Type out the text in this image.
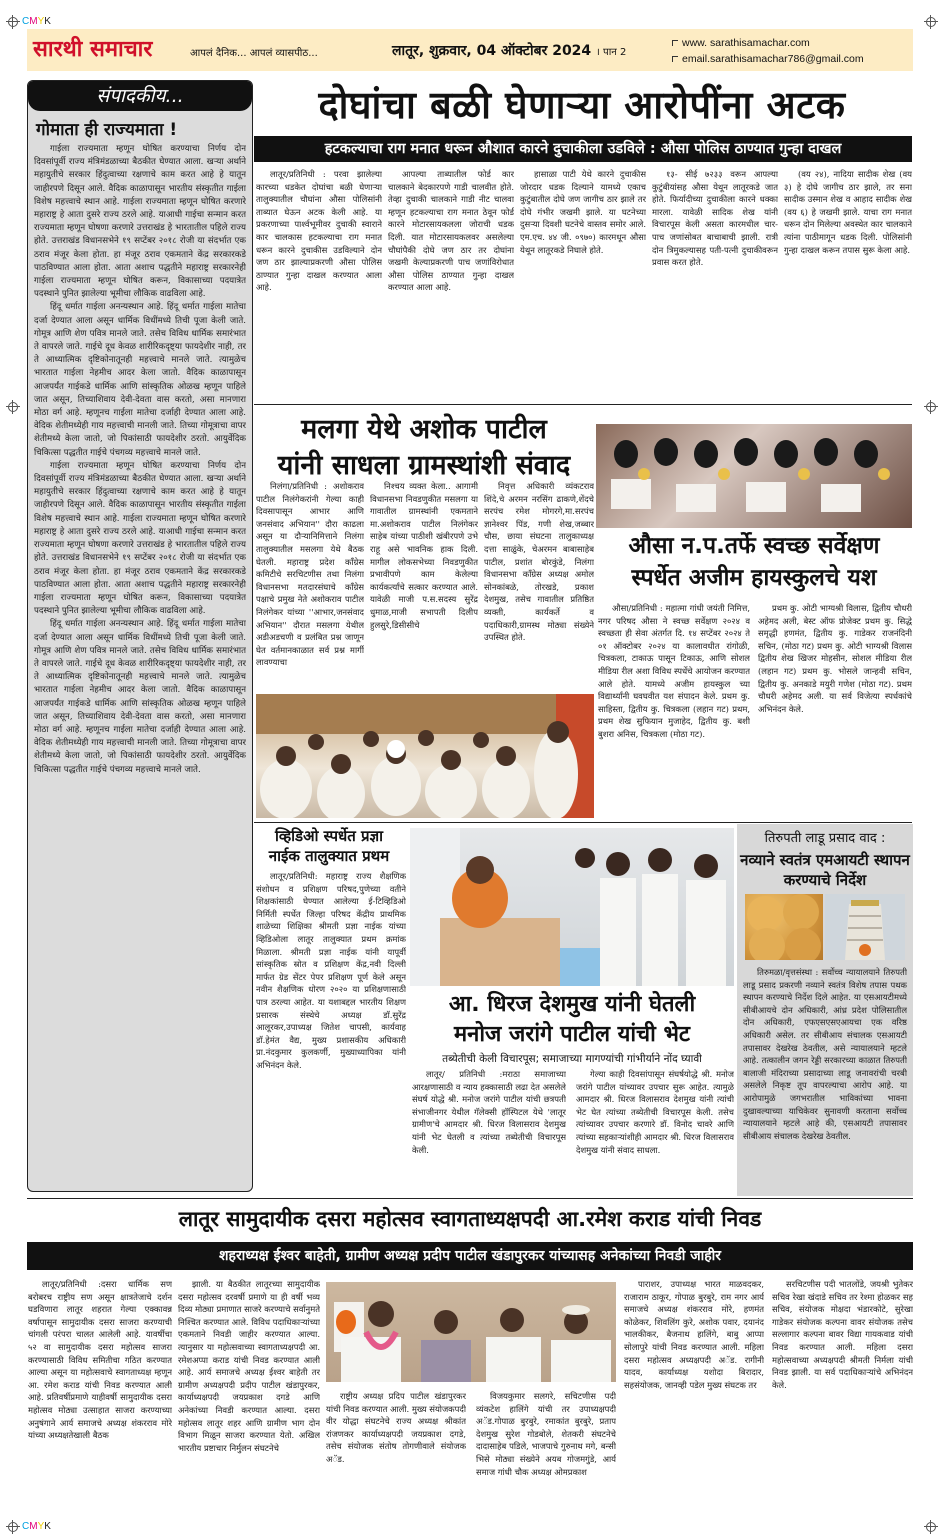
CMYK
CMYK
सारथी समाचार	आपलं दैनिक... आपलं व्यासपीठ...	लातूर, शुक्रवार, 04 ऑक्टोबर 2024 । पान 2
www. sarathisamachar.com
email.sarathisamachar786@gmail.com
संपादकीय...
गोमाता ही राज्यमाता !

गाईला राज्यमाता म्हणून घोषित करण्याचा निर्णय दोन दिवसांपूर्वी राज्य मंत्रिमंडळाच्या बैठकीत घेण्यात आला. खऱ्या अर्थाने महायुतीचे सरकार हिंदुत्वाच्या रक्षणाचे काम करत आहे हे यातून जाहीरपणे दिसून आले. वैदिक काळापासून भारतीय संस्कृतीत गाईला विशेष महत्त्वाचे स्थान आहे. गाईला राज्यमाता म्हणून घोषित करणारे महाराष्ट्र हे आता दुसरे राज्य ठरले आहे. याआधी गाईचा सन्मान करत राज्यमाता म्हणून घोषणा करणारे उत्तराखंड हे भारतातील पहिले राज्य होते. उत्तराखंड विधानसभेने १९ सप्टेंबर २०१८ रोजी या संदर्भात एक ठराव मंजूर केला होता. हा मंजूर ठराव एकमताने केंद्र सरकारकडे पाठविण्यात आला होता. आता अशाच पद्धतीने महाराष्ट्र सरकारनेही गाईला राज्यमाता म्हणून घोषित करून, विकासाच्या पदयात्रेत पदस्थाने पुनित झालेल्या भूमीचा लौकिक वाढविला आहे.

हिंदू धर्मात गाईला अनन्यस्थान आहे. हिंदू धर्मात गाईला मातेचा दर्जा देण्यात आला असून धार्मिक विधींमध्ये तिची पूजा केली जाते. गोमूत्र आणि शेण पवित्र मानले जाते. तसेच विविध धार्मिक समारंभात ते वापरले जाते. गाईचे दूध केवळ शारीरिकदृष्ट्या फायदेशीर नाही, तर ते आध्यात्मिक दृष्टिकोनातूनही महत्त्वाचे मानले जाते. त्यामुळेच भारतात गाईला नेहमीच आदर केला जातो. वैदिक काळापासून आजपर्यंत गाईकडे धार्मिक आणि सांस्कृतिक ओळख म्हणून पाहिले जात असून, तिच्याशिवाय देवी-देवता वास करतो, असा मानणारा मोठा वर्ग आहे. म्हणूनच गाईला मातेचा दर्जाही देण्यात आला आहे. वेदिक शेतीमध्येही गाय महत्त्वाची मानली जाते. तिच्या गोमूत्राचा वापर शेतीमध्ये केला जातो, जो पिकांसाठी फायदेशीर ठरतो. आयुर्वेदिक चिकित्सा पद्धतीत गाईचे पंचगव्य महत्त्वाचे मानले जाते.

गाईला राज्यमाता म्हणून घोषित करण्याचा निर्णय दोन दिवसांपूर्वी राज्य मंत्रिमंडळाच्या बैठकीत घेण्यात आला. खऱ्या अर्थाने महायुतीचे सरकार हिंदुत्वाच्या रक्षणाचे काम करत आहे हे यातून जाहीरपणे दिसून आले. वैदिक काळापासून भारतीय संस्कृतीत गाईला विशेष महत्त्वाचे स्थान आहे. गाईला राज्यमाता म्हणून घोषित करणारे महाराष्ट्र हे आता दुसरे राज्य ठरले आहे. याआधी गाईचा सन्मान करत राज्यमाता म्हणून घोषणा करणारे उत्तराखंड हे भारतातील पहिले राज्य होते. उत्तराखंड विधानसभेने १९ सप्टेंबर २०१८ रोजी या संदर्भात एक ठराव मंजूर केला होता. हा मंजूर ठराव एकमताने केंद्र सरकारकडे पाठविण्यात आला होता. आता अशाच पद्धतीने महाराष्ट्र सरकारनेही गाईला राज्यमाता म्हणून घोषित करून, विकासाच्या पदयात्रेत पदस्थाने पुनित झालेल्या भूमीचा लौकिक वाढविला आहे.

हिंदू धर्मात गाईला अनन्यस्थान आहे. हिंदू धर्मात गाईला मातेचा दर्जा देण्यात आला असून धार्मिक विधींमध्ये तिची पूजा केली जाते. गोमूत्र आणि शेण पवित्र मानले जाते. तसेच विविध धार्मिक समारंभात ते वापरले जाते. गाईचे दूध केवळ शारीरिकदृष्ट्या फायदेशीर नाही, तर ते आध्यात्मिक दृष्टिकोनातूनही महत्त्वाचे मानले जाते. त्यामुळेच भारतात गाईला नेहमीच आदर केला जातो. वैदिक काळापासून आजपर्यंत गाईकडे धार्मिक आणि सांस्कृतिक ओळख म्हणून पाहिले जात असून, तिच्याशिवाय देवी-देवता वास करतो, असा मानणारा मोठा वर्ग आहे. म्हणूनच गाईला मातेचा दर्जाही देण्यात आला आहे. वेदिक शेतीमध्येही गाय महत्त्वाची मानली जाते. तिच्या गोमूत्राचा वापर शेतीमध्ये केला जातो, जो पिकांसाठी फायदेशीर ठरतो. आयुर्वेदिक चिकित्सा पद्धतीत गाईचे पंचगव्य महत्त्वाचे मानले जाते.

दोघांचा बळी घेणाऱ्या आरोपींना अटक
हटकल्याचा राग मनात धरून औशात कारने दुचाकीला उडविले : औसा पोलिस ठाण्यात गुन्हा दाखल

लातूर/प्रतिनिधी : परवा झालेल्या कारच्या धडकेत दोघांचा बळी घेणाऱ्या तालुक्यातील चौघांना औसा पोलिसांनी ताब्यात घेऊन अटक केली आहे. या प्रकरणाच्या पार्श्वभूमीवर दुचाकी स्वाराने कार चालकास हटकल्याचा राग मनात धरून कारने दुचाकीस उडविल्याने दोन जण ठार झाल्याप्रकरणी औसा पोलिस ठाण्यात गुन्हा दाखल करण्यात आला आहे.

आपल्या ताब्यातील फोर्ड कार चालकाने बेदकारपणे गाडी चालवीत होते. तेव्हा दुचाकी चालकाने गाडी नीट चालवा म्हणून हटकल्याचा राग मनात ठेवून फोर्ड कारने मोटारसायकलला जोराची धडक दिली. यात मोटारसायकलवर असलेल्या चौघांपैकी दोघे जण ठार तर दोघांना जखमी केल्याप्रकरणी पाच जणांविरोधात औसा पोलिस ठाण्यात गुन्हा दाखल करण्यात आला आहे.

हासाळा पाटी येथे कारने दुचाकीस जोरदार धडक दिल्याने यामध्ये एकाच कुटुंबातील दोघे जण जागीच ठार झाले तर दोघे गंभीर जखमी झाले. या घटनेच्या दुसऱ्या दिवशी घटनेचे वास्तव समोर आले. एम.एच. ४४ जी. ०९७०) कारमधून औसा येथून लातूरकडे निघाले होते.

१३- सीई ७२३३ वरून आपल्या कुटुंबीयांसह औसा येथून लातूरकडे जात होते. फिर्यादीच्या दुचाकीला कारने धक्का मारला. यावेळी सादिक शेख यांनी विचारपूस केली असता कारमधील चार-पाच जणांसोबत बाचाबाची झाली. रात्री दोन त्रिमुकल्यासह पती-पत्नी दुचाकीवरून प्रवास करत होते.

(वय २४), नादिया सादीक शेख (वय ३) हे दोघे जागीच ठार झाले, तर सना सादीक उस्मान शेख व आहाद सादीक शेख (वय ६) हे जखमी झाले. याचा राग मनात धरून दोन मिलेल्या अवस्थेत कार चालकाने त्यांना पाठीमागून धडक दिली. पोलिसांनी गुन्हा दाखल करून तपास सुरू केला आहे.

मलगा येथे अशोक पाटील
यांनी साधला ग्रामस्थांशी संवाद

निलंगा/प्रतिनिधी : अशोकराव पाटील निलंगेकरांनी गेल्या काही दिवसापासून आभार आणि जनसंवाद अभियान'' दौरा काढला असून या दौऱ्यानिमित्ताने निलंगा तालुक्यातील मसलगा येथे बैठक घेतली. महाराष्ट्र प्रदेश काँग्रेस कमिटीचे सरचिटणीस तथा निलंगा विधानसभा मतदारसंघाचे काँग्रेस पक्षाचे प्रमुख नेते अशोकराव पाटील निलंगेकर यांच्या ''आभार,जनसंवाद अभियान'' दौरात मसलगा येथील अडीअडचणी व प्रलंबित प्रश्न जाणून घेत वर्तमानकाळात सर्व प्रश्न मार्गी लावण्याचा

निश्चय व्यक्त केला.. आगामी विधानसभा निवडणुकीत मसलगा या गावातील ग्रामस्थांनी एकमताने मा.अशोकराव पाटील निलंगेकर साहेब यांच्या पाठीशी खंबीरपणे उभे राहू असे भावनिक हाक दिली. मागील लोकसभेच्या निवडणुकीत प्रभावीपणे काम केलेल्या कार्यकर्त्यांचे सत्कार करण्यात आले. यावेळी माजी प.स.सदस्य सुरेंद्र धुमाळ,माजी सभापती दिलीप हुलसुरे,डिसीसीचे

निवृत्त अधिकारी व्यंकटराव शिंदे,चे अरमन नरसिंग ढाकणे,शेंदचे सरपंच रमेश मोगरगे,मा.सरपंच ज्ञानेश्वर पिंड, गणी शेख,जब्बार चौस, छाया संघटना तालुकाध्यक्ष दत्ता साळुंके, चेअरमन बाबासाहेब पाटील, प्रशांत बोरकुंडे, निलंगा विधानसभा काँग्रेस अध्यक्ष अमोल सोनकांबळे, तोरखडे, प्रकाश देशमुख, तसेच गावातील प्रतिष्ठित व्यक्ती, कार्यकर्ते व पदाधिकारी,ग्रामस्थ मोठ्या संख्येने उपस्थित होते.

औसा न.प.तर्फे स्वच्छ सर्वेक्षण
स्पर्धेत अजीम हायस्कुलचे यश

औसा/प्रतिनिधी : महात्मा गांधी जयंती निमित्त, नगर परिषद औसा ने स्वच्छ सर्वेक्षण २०२४ व स्वच्छता ही सेवा अंतर्गत दि. १४ सप्टेंबर २०२४ ते ०१ ऑक्टोबर २०२४ या कालावधीत रांगोळी, चित्रकला, टाकाऊ पासून टिकाऊ, आणि सोशल मीडिया रील अशा विविध स्पर्धेचे आयोजन करण्यात आले होते. यामध्ये अजीम हायस्कुल च्या विद्यार्थ्यांनी घवघवीत यश संपादन केले. प्रथम कु. साहिस्ता, द्वितीय कु. चित्रकला (लहान गट) प्रथम, प्रथम शेख सुफियान मुजाहेद, द्वितीय कु. बशी बुशरा अनिस, चित्रकला (मोठा गट).

प्रथम कु. ओटी भाग्यश्री विलास, द्वितीय चौधरी अहेमद अली, बेस्ट ऑफ प्रोजेक्ट प्रथम कु. सिद्धे समृद्धी हणमंत, द्वितीय कु. गाडेकर राजनंदिनी सचिन, (मोठा गट) प्रथम कु. ओटी भाग्यश्री विलास द्वितीय शेख खिजर मोहसीन, सोशल मीडिया रील (लहान गट) प्रथम कु. भोसले जान्हवी सचिन, द्वितीय कु. अनकाडे मयुरी गणेश (मोठा गट). प्रथम चौधरी अहेमद अली. या सर्व विजेत्या स्पर्धकांचे अभिनंदन केले.

व्हिडिओ स्पर्धेत प्रज्ञा
नाईक तालुक्यात प्रथम

लातूर/प्रतिनिधी: महाराष्ट्र राज्य शैक्षणिक संशोधन व प्रशिक्षण परिषद,पुणेच्या वतीने शिक्षकांसाठी घेण्यात आलेल्या ई-टिव्हिडिओ निर्मिती स्पर्धेत जिल्हा परिषद केंद्रीय प्राथमिक शाळेच्या शिक्षिका श्रीमती प्रज्ञा नाईक यांच्या व्हिडिओला लातूर तालुक्यात प्रथम क्रमांक मिळाला. श्रीमती प्रज्ञा नाईक यांनी यापूर्वी सांस्कृतिक स्रोत व प्रशिक्षण केंद्र,नवी दिल्ली मार्फत ग्रेड सेंटर पेपर प्रशिक्षण पूर्ण केले असून नवीन शैक्षणिक धोरण २०२० या प्रशिक्षणासाठी पात्र ठरल्या आहेत. या यशाबद्दल भारतीय शिक्षण प्रसारक संस्थेचे अध्यक्ष डॉ.सुरेंद्र आलूरकर,उपाध्यक्ष जितेश चापसी, कार्यवाह डॉ.हेमंत वैद्य, मुख्य प्रशासकीय अधिकारी प्रा.नंदकुमार कुलकर्णी, मुख्याध्यापिका यांनी अभिनंदन केले.

आ. धिरज देशमुख यांनी घेतली
मनोज जरांगे पाटील यांची भेट
तब्येतीची केली विचारपूस; समाजाच्या मागण्यांची गांभीर्याने नोंद घ्यावी

लातूर/ प्रतिनिधी :मराठा समाजाच्या आरक्षणासाठी व न्याय हक्कासाठी लढा देत असलेले संघर्ष योद्धे श्री. मनोज जरांगे पाटील यांची छत्रपती संभाजीनगर येथील गॅलेक्सी हॉस्पिटल येथे 'लातूर ग्रामीण'चे आमदार श्री. धिरज विलासराव देशमुख यांनी भेट घेतली व त्यांच्या तब्येतीची विचारपूस केली.

गेल्या काही दिवसांपासून संघर्षयोद्धे श्री. मनोज जरांगे पाटील यांच्यावर उपचार सुरू आहेत. त्यामुळे आमदार श्री. धिरज विलासराव देशमुख यांनी त्यांची भेट घेत त्यांच्या तब्येतीची विचारपूस केली. तसेच त्यांच्यावर उपचार करणारे डॉ. विनोद चावरे आणि त्यांच्या सहकाऱ्यांशीही आमदार श्री. धिरज विलासराव देशमुख यांनी संवाद साधला.

तिरुपती लाडू प्रसाद वाद :
नव्याने स्वतंत्र एमआयटी स्थापन करण्याचे निर्देश

तिरुमळा/वृत्तसंस्था : सर्वोच्च न्यायालयाने तिरुपती लाडू प्रसाद प्रकरणी नव्याने स्वतंत्र विशेष तपास पथक स्थापन करण्याचे निर्देश दिले आहेत. या एसआयटीमध्ये सीबीआयचे दोन अधिकारी, आंध्र प्रदेश पोलिसातील दोन अधिकारी, एफएसएसएआयचा एक वरिष्ठ अधिकारी असेल. तर सीबीआय संचालक एसआयटी तपासावर देखरेख ठेवतील, असे न्यायालयाने म्हटले आहे. तत्कालीन जगन रेड्डी सरकारच्या काळात तिरुपती बालाजी मंदिराच्या प्रसादाच्या लाडू जनावरांची चरबी असलेले निकृष्ट तूप वापरल्याचा आरोप आहे. या आरोपामुळे जगभरातील भाविकांच्या भावना दुखावल्याच्या याचिकेवर सुनावणी करताना सर्वोच्च न्यायालयाने म्हटले आहे की, एसआयटी तपासावर सीबीआय संचालक देखरेख ठेवतील.

लातूर सामुदायीक दसरा महोत्सव स्वागताध्यक्षपदी आ.रमेश कराड यांची निवड
शहराध्यक्ष ईश्वर बाहेती, ग्रामीण अध्यक्ष प्रदीप पाटील खंडापुरकर यांच्यासह अनेकांच्या निवडी जाहीर

लातूर/प्रतिनिधी :दसरा धार्मिक सण बरोबरच राष्ट्रीय सण असून क्षात्रतेजाचे दर्शन घडविणारा लातूर शहरात गेल्या एक्कावन्न वर्षापासून सामुदायीक दसरा साजरा करण्याची चांगली परंपरा चालत आलेली आहे. यावर्षीचा ५२ वा सामुदायीक दसरा महोत्सव साजरा करण्यासाठी विविध समितीचा गठित करण्यात आल्या असून या महोत्सवाचे स्वागताध्यक्ष म्हणून आ. रमेश कराड यांची निवड करण्यात आली आहे. प्रतिवर्षीप्रमाणे याहीवर्षी सामुदायीक दसरा महोत्सव मोठ्या उत्साहात साजरा करण्याच्या अनुषंगाने आर्य समाजचे अध्यक्ष शंकरराव मोरे यांच्या अध्यक्षतेखाली बैठक

झाली. या बैठकीत लातूरच्या सामुदायीक दसरा महोत्सव दरवर्षी प्रमाणे या ही वर्षी भव्य दिव्य मोठ्या प्रमाणात साजरे करण्याचे सर्वानुमते निश्चित करण्यात आले. विविध पदाधिकाऱ्यांच्या एकमताने निवडी जाहीर करण्यात आल्या. त्यानुसार या महोत्सवाच्या स्वागताध्यक्षपदी आ. रमेशअप्पा कराड यांची निवड करण्यात आली आहे. आर्य समाजचे अध्यक्ष ईश्वर बाहेती तर ग्रामीण अध्यक्षपदी प्रदीप पाटील खंडापुरकर, कार्याध्यक्षपदी जयप्रकाश दगडे आणि अनेकांच्या निवडी करण्यात आल्या. दसरा महोत्सव लातूर शहर आणि ग्रामीण भाग दोन विभाग मिळून साजरा करण्यात येतो. अखिल भारतीय प्रष्टाचार निर्मुलन संघटनेचे

राष्ट्रीय अध्यक्ष प्रदिप पाटील खंडापुरकर यांची निवड करण्यात आली. मुख्य संयोजकपदी वीर योद्धा संघटनेचे राज्य अध्यक्ष श्रीकांत रांजणकर कार्याध्यक्षपदी जयप्रकाश दगडे, तसेच संयोजक संतोष तोगणीवाले संयोजक अॅड.

विजयकुमार सलगरे, सचिटणीस पदी व्यंकटेश हालिंगे यांची तर उपाध्यक्षपदी अॅड.गोपाळ बुरबुरे, रमाकांत बुरबुरे, प्रताप देशमुख सुरेश गोडबोले, शेतकरी संघटनेचे दादासाहेब पडिले, भाजपाचे गुरुनाथ मगे, बन्सी भिसे मोठ्या संख्येने अयब गोजमगुंडे, आर्य समाज गांधी चौक अध्यक्ष ओमप्रकाश

पाराशर, उपाध्यक्ष भारत माळवदकर, राजाराम ठाकूर, गोपाळ बुरबुरे, राम नगर आर्य समाजचे अध्यक्ष शंकरराव मोरे, हणमंत कोळेकर, शिवलिंग कुरे, अशोक पवार, दयानंद भालकीकर, बैजनाथ हालिंगे, बाबु आप्पा सोलापुरे यांची निवड करण्यात आली. महिला दसरा महोत्सव अध्यक्षपदी अॅड. रागीनी यादव, कार्याध्यक्ष यशोदा बिरादार, सहसंयोजक, जानव्ही पडेल मुख्य संघटक तर

सरचिटणीस पदी भातलोंडे, जयश्री भुतेकर सचिव रेखा खंदाडे सचिव तर रेश्मा होळकर सह सचिव, संयोजक मोक्षदा भंडारकोटे, सुरेखा गाडेकर संयोजक कल्पना वावर संयोजक तसेच सल्लागार कल्पना बावर विद्या गायकवाड यांची निवड करण्यात आली. महिला दसरा महोत्सवाच्या अध्यक्षपदी श्रीमती निर्मला यांची निवड झाली. या सर्व पदाधिकाऱ्यांचे अभिनंदन केले.
